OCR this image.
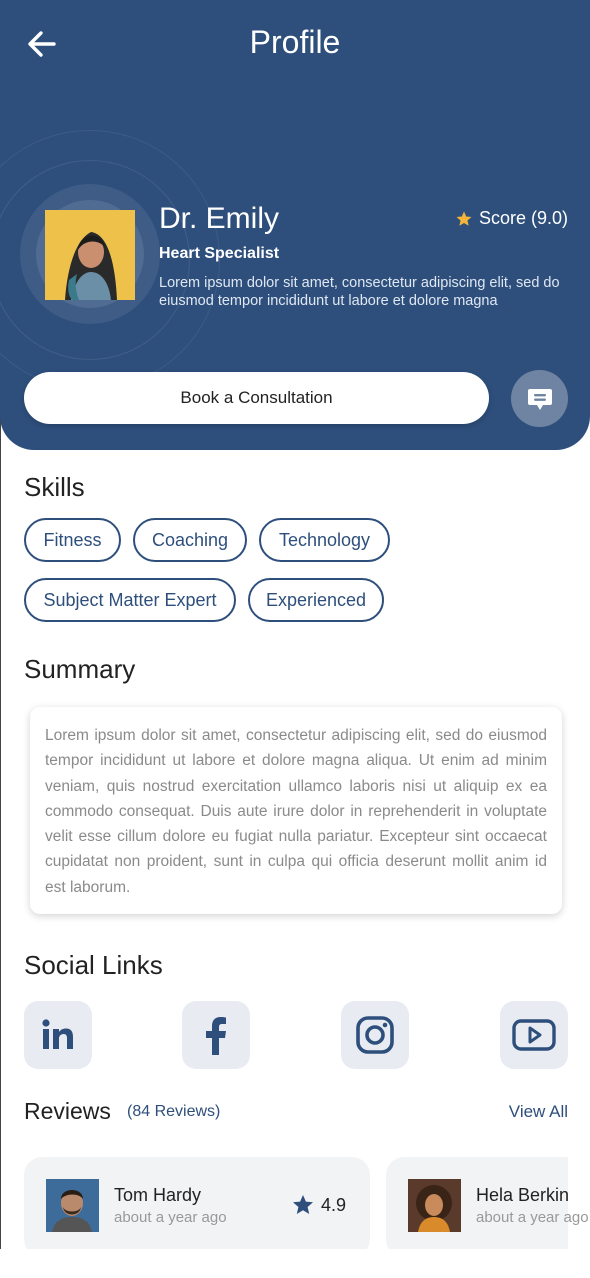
Profile
Dr. Emily
Heart Specialist
Lorem ipsum dolor sit amet, consectetur adipiscing elit, sed do eiusmod tempor incididunt ut labore et dolore magna
Score (9.0)
Book a Consultation
Skills
Fitness	Coaching	Technology
Subject Matter Expert	Experienced
Summary

Lorem ipsum dolor sit amet, consectetur adipiscing elit, sed do eiusmod tempor incididunt ut labore et dolore magna aliqua. Ut enim ad minim veniam, quis nostrud exercitation ullamco laboris nisi ut aliquip ex ea commodo consequat. Duis aute irure dolor in reprehenderit in voluptate velit esse cillum dolore eu fugiat nulla pariatur. Excepteur sint occaecat cupidatat non proident, sunt in culpa qui officia deserunt mollit anim id est laborum.

Social Links
Reviews (84 Reviews)	View All
Tom Hardy
about a year ago
4.9	Hela Berkin
about a year ago
